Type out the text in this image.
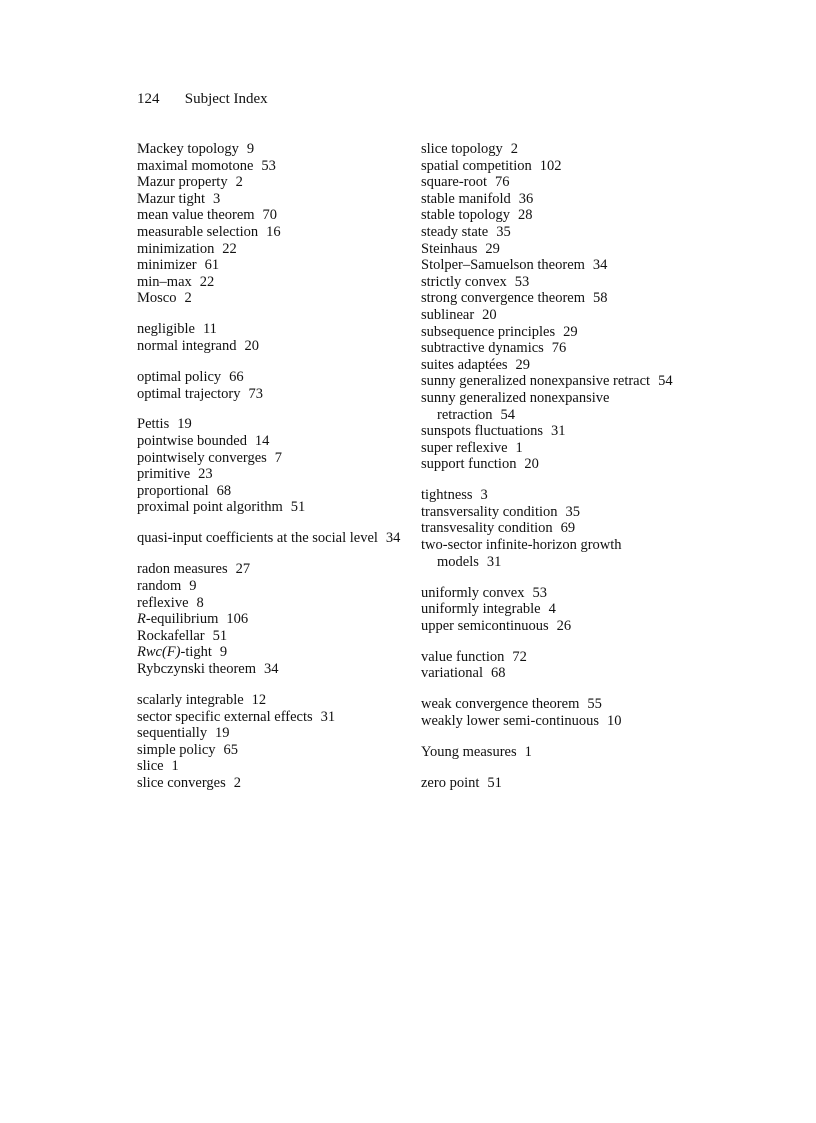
124 Subject Index
Mackey topology 9
maximal momotone 53
Mazur property 2
Mazur tight 3
mean value theorem 70
measurable selection 16
minimization 22
minimizer 61
min–max 22
Mosco 2
negligible 11
normal integrand 20
optimal policy 66
optimal trajectory 73
Pettis 19
pointwise bounded 14
pointwisely converges 7
primitive 23
proportional 68
proximal point algorithm 51
quasi-input coefficients at the social level 34
radon measures 27
random 9
reflexive 8
R-equilibrium 106
Rockafellar 51
Rwc(F)-tight 9
Rybczynski theorem 34
scalarly integrable 12
sector specific external effects 31
sequentially 19
simple policy 65
slice 1
slice converges 2
slice topology 2
spatial competition 102
square-root 76
stable manifold 36
stable topology 28
steady state 35
Steinhaus 29
Stolper–Samuelson theorem 34
strictly convex 53
strong convergence theorem 58
sublinear 20
subsequence principles 29
subtractive dynamics 76
suites adaptées 29
sunny generalized nonexpansive retract 54
sunny generalized nonexpansive retraction 54
sunspots fluctuations 31
super reflexive 1
support function 20
tightness 3
transversality condition 35
transvesality condition 69
two-sector infinite-horizon growth models 31
uniformly convex 53
uniformly integrable 4
upper semicontinuous 26
value function 72
variational 68
weak convergence theorem 55
weakly lower semi-continuous 10
Young measures 1
zero point 51
